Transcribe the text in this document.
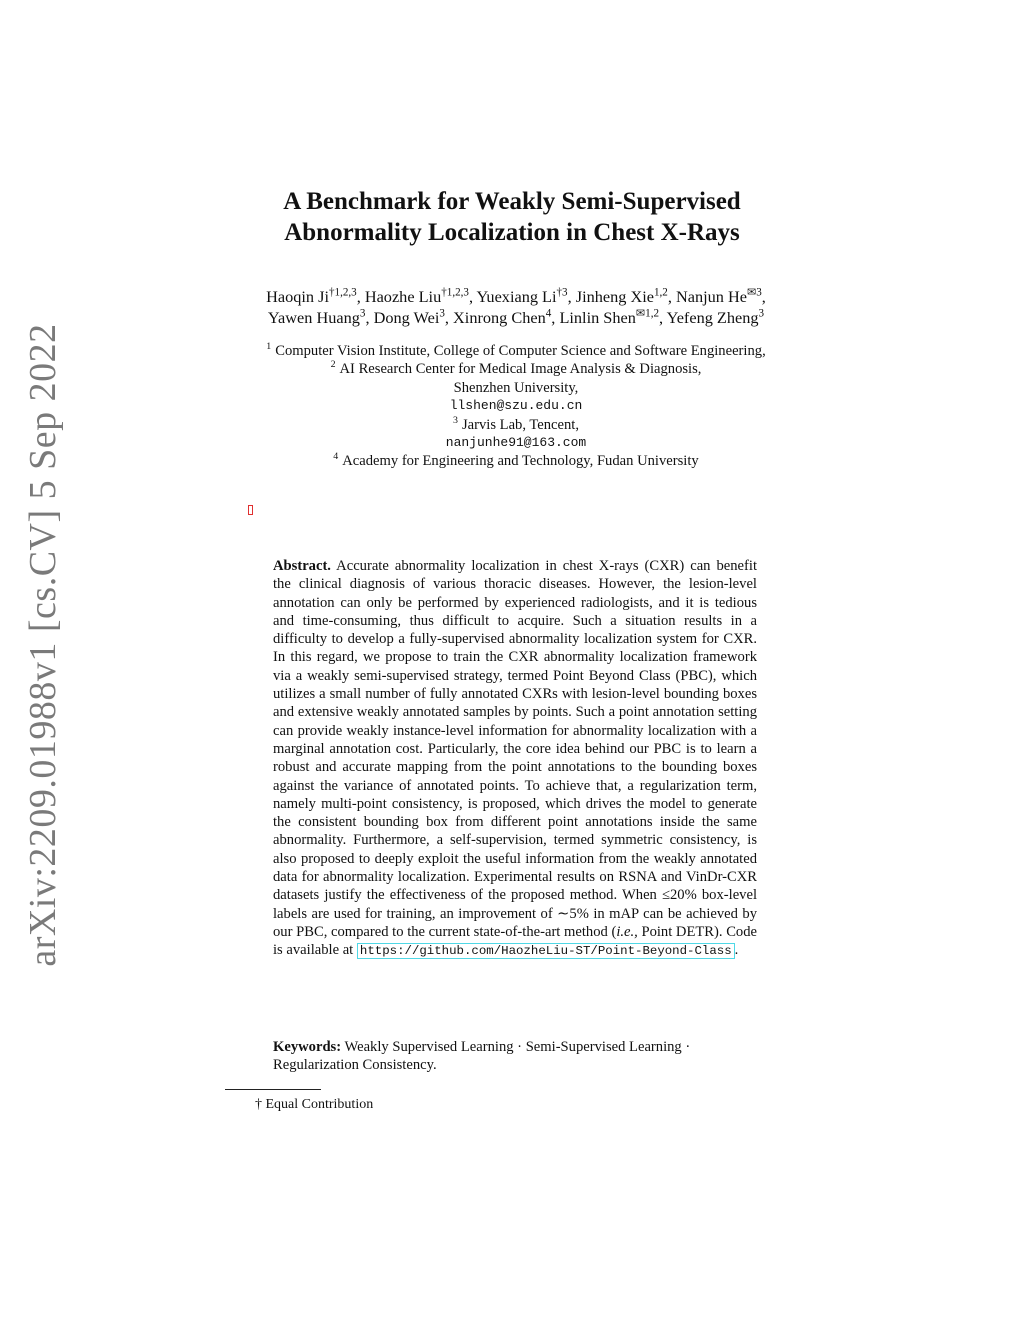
arXiv:2209.01988v1 [cs.CV] 5 Sep 2022
A Benchmark for Weakly Semi-Supervised
Abnormality Localization in Chest X-Rays
Haoqin Ji$^{\dagger 1,2,3}$, Haozhe Liu$^{\dagger 1,2,3}$, Yuexiang Li$^{\dagger 3}$, Jinheng Xie$^{1,2}$, Nanjun $He^{✉3}$,
Yawen Huang$^3$, Dong Wei$^3$, Xinrong Chen$^4$, Linlin Shen$^{✉1,2}$, Yefeng Zheng$^3$
$^1$ Computer Vision Institute, College of Computer Science and Software Engineering,
$^2$ AI Research Center for Medical Image Analysis & Diagnosis,
Shenzhen University,
llshen@szu.edu.cn
$^3$ Jarvis Lab, Tencent,
nanjunhe91@163.com
$^4$ Academy for Engineering and Technology, Fudan University
Abstract. Accurate abnormality localization in chest X-rays (CXR) can benefit the clinical diagnosis of various thoracic diseases. However, the lesion-level annotation can only be performed by experienced radiologists, and it is tedious and time-consuming, thus difficult to acquire. Such a situation results in a difficulty to develop a fully-supervised abnormality localization system for CXR. In this regard, we propose to train the CXR abnormality localization framework via a weakly semi-supervised strategy, termed Point Beyond Class (PBC), which utilizes a small number of fully annotated CXRs with lesion-level bounding boxes and extensive weakly annotated samples by points. Such a point annotation setting can provide weakly instance-level information for abnormality localization with a marginal annotation cost. Particularly, the core idea behind our PBC is to learn a robust and accurate mapping from the point annotations to the bounding boxes against the variance of annotated points. To achieve that, a regularization term, namely multi-point consistency, is proposed, which drives the model to generate the consistent bounding box from different point annotations inside the same abnormality. Furthermore, a self-supervision, termed symmetric consistency, is also proposed to deeply exploit the useful information from the weakly annotated data for abnormality localization. Experimental results on RSNA and VinDr-CXR datasets justify the effectiveness of the proposed method. When ≤20% box-level labels are used for training, an improvement of ∼5% in mAP can be achieved by our PBC, compared to the current state-of-the-art method (i.e., Point DETR). Code is available at https://github.com/HaozheLiu-ST/Point-Beyond-Class .
Keywords: Weakly Supervised Learning · Semi-Supervised Learning · Regularization Consistency.
† Equal Contribution
